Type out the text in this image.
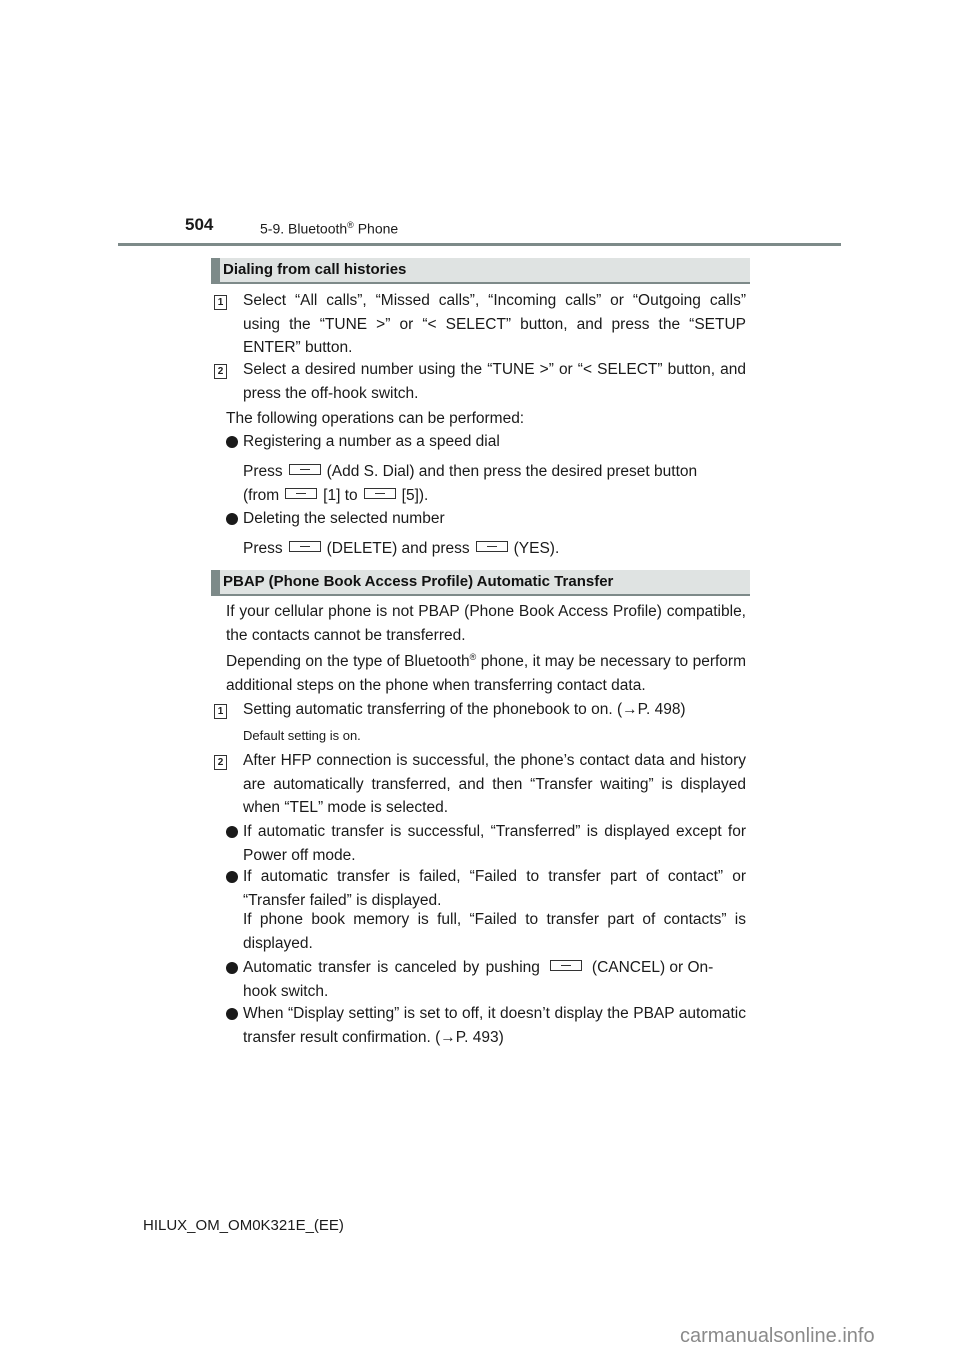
504	5-9. Bluetooth® Phone
Dialing from call histories
1 Select “All calls”, “Missed calls”, “Incoming calls” or “Outgoing calls” using the “TUNE >” or “< SELECT” button, and press the “SETUP ENTER” button.
2 Select a desired number using the “TUNE >” or “< SELECT” button, and press the off-hook switch.
The following operations can be performed:
Registering a number as a speed dial
Press	(Add S. Dial) and then press the desired preset button
(from	[1] to	[5]).
Deleting the selected number
Press	(DELETE) and press	(YES).
PBAP (Phone Book Access Profile) Automatic Transfer
If your cellular phone is not PBAP (Phone Book Access Profile) compatible, the contacts cannot be transferred.
Depending on the type of Bluetooth® phone, it may be necessary to perform additional steps on the phone when transferring contact data.
1 Setting automatic transferring of the phonebook to on. (→P. 498)
Default setting is on.
2 After HFP connection is successful, the phone’s contact data and history are automatically transferred, and then “Transfer waiting” is displayed when “TEL” mode is selected.
If automatic transfer is successful, “Transferred” is displayed except for Power off mode.
If automatic transfer is failed, “Failed to transfer part of contact” or “Transfer failed” is displayed.
If phone book memory is full, “Failed to transfer part of contacts” is displayed.
Automatic transfer is canceled by pushing	(CANCEL) or On-hook switch.
When “Display setting” is set to off, it doesn’t display the PBAP automatic transfer result confirmation. (→P. 493)
HILUX_OM_OM0K321E_(EE)
carmanualsonline.info
